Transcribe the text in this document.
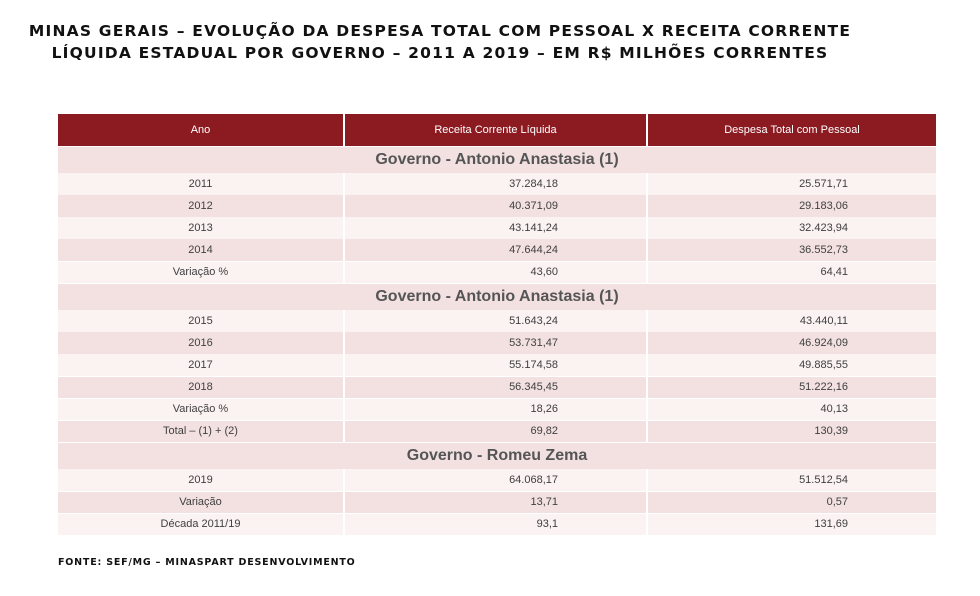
MINAS GERAIS – EVOLUÇÃO DA DESPESA TOTAL COM PESSOAL X RECEITA CORRENTE
LÍQUIDA ESTADUAL POR GOVERNO – 2011 A 2019 – EM R$ MILHÕES CORRENTES
Ano	Receita Corrente Líquida	Despesa Total com Pessoal
Governo - Antonio Anastasia (1)
2011	37.284,18	25.571,71
2012	40.371,09	29.183,06
2013	43.141,24	32.423,94
2014	47.644,24	36.552,73
Variação %	43,60	64,41
Governo - Antonio Anastasia (1)
2015	51.643,24	43.440,11
2016	53.731,47	46.924,09
2017	55.174,58	49.885,55
2018	56.345,45	51.222,16
Variação %	18,26	40,13
Total – (1) + (2)	69,82	130,39
Governo - Romeu Zema
2019	64.068,17	51.512,54
Variação	13,71	0,57
Década 2011/19	93,1	131,69
FONTE: SEF/MG – MINASPART DESENVOLVIMENTO
